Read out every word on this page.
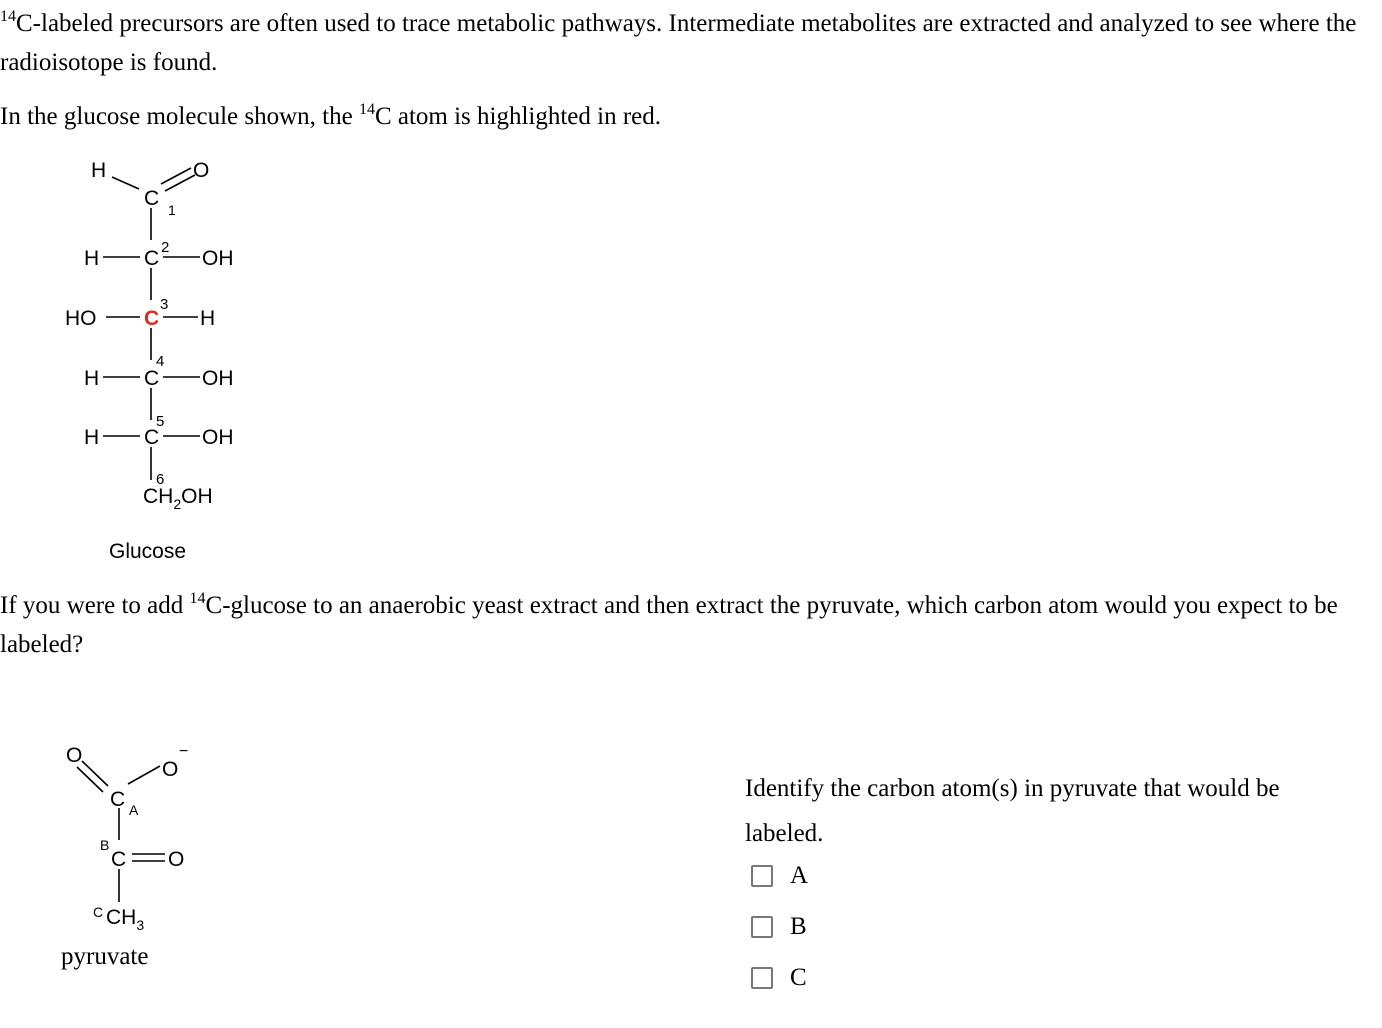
$^{14}$C-labeled precursors are often used to trace metabolic pathways. Intermediate metabolites are extracted and analyzed to see where the radioisotope is found.

In the glucose molecule shown, the $^{14}$C atom is highlighted in red.

H	O
C 1
H C 2 OH
HO C
3
H
H C
4
OH
H C
5
OH
6
$CH_2OH$
Glucose

If you were to add $^{14}$C-glucose to an anaerobic yeast extract and then extract the pyruvate, which carbon atom would you expect to be labeled?

O
O
−
C A
B
C O
C $CH_3$
pyruvate

Identify the carbon atom(s) in pyruvate that would be labeled.

A
B
C
